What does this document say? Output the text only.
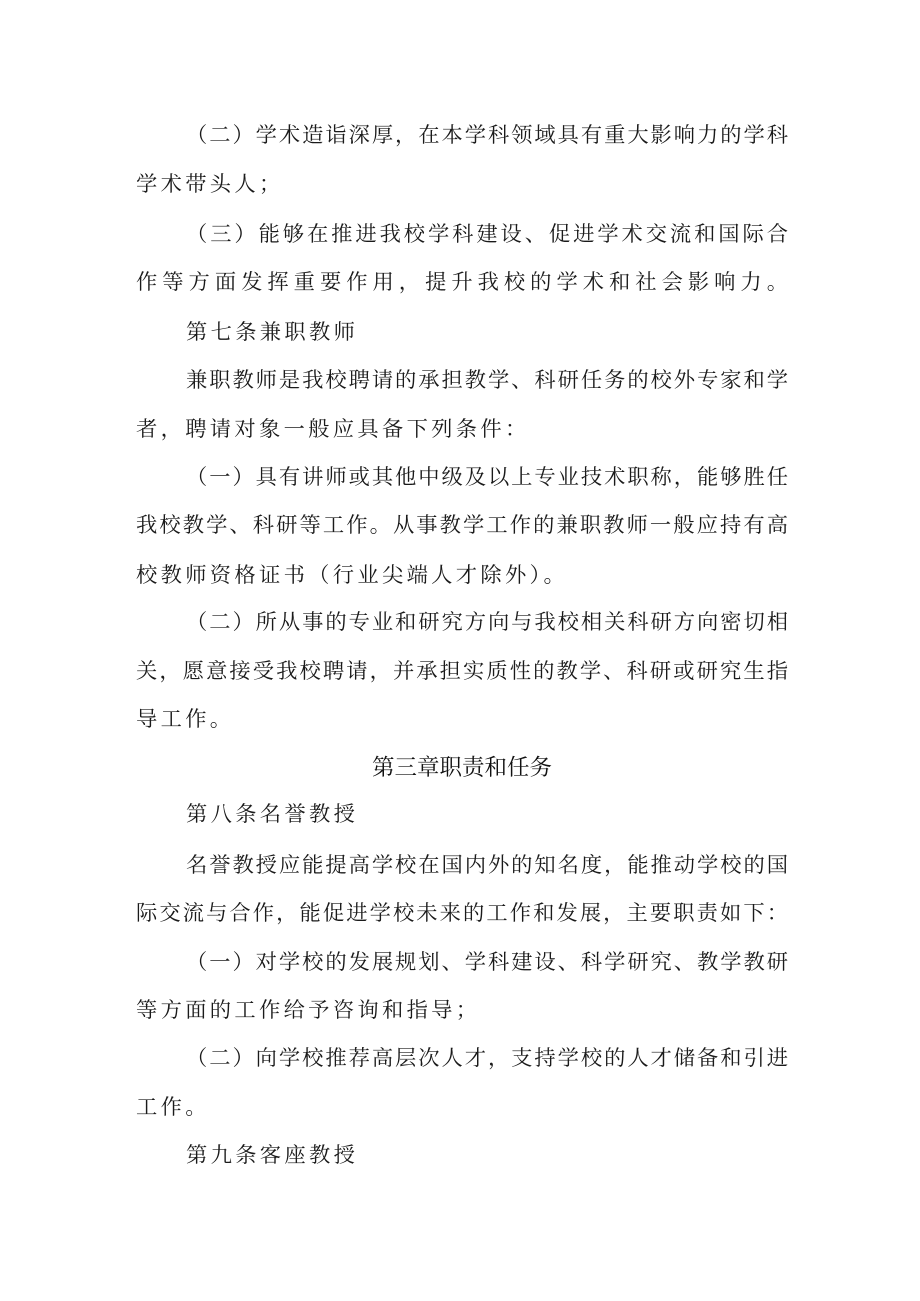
（二）学术造诣深厚，在本学科领域具有重大影响力的学科

学术带头人；

（三）能够在推进我校学科建设、促进学术交流和国际合

作等方面发挥重要作用，提升我校的学术和社会影响力。

第七条兼职教师

兼职教师是我校聘请的承担教学、科研任务的校外专家和学

者，聘请对象一般应具备下列条件：

（一）具有讲师或其他中级及以上专业技术职称，能够胜任

我校教学、科研等工作。从事教学工作的兼职教师一般应持有高

校教师资格证书（行业尖端人才除外）。

（二）所从事的专业和研究方向与我校相关科研方向密切相

关，愿意接受我校聘请，并承担实质性的教学、科研或研究生指

导工作。

第三章职责和任务

第八条名誉教授

名誉教授应能提高学校在国内外的知名度，能推动学校的国

际交流与合作，能促进学校未来的工作和发展，主要职责如下：

（一）对学校的发展规划、学科建设、科学研究、教学教研

等方面的工作给予咨询和指导；

（二）向学校推荐高层次人才，支持学校的人才储备和引进

工作。

第九条客座教授
